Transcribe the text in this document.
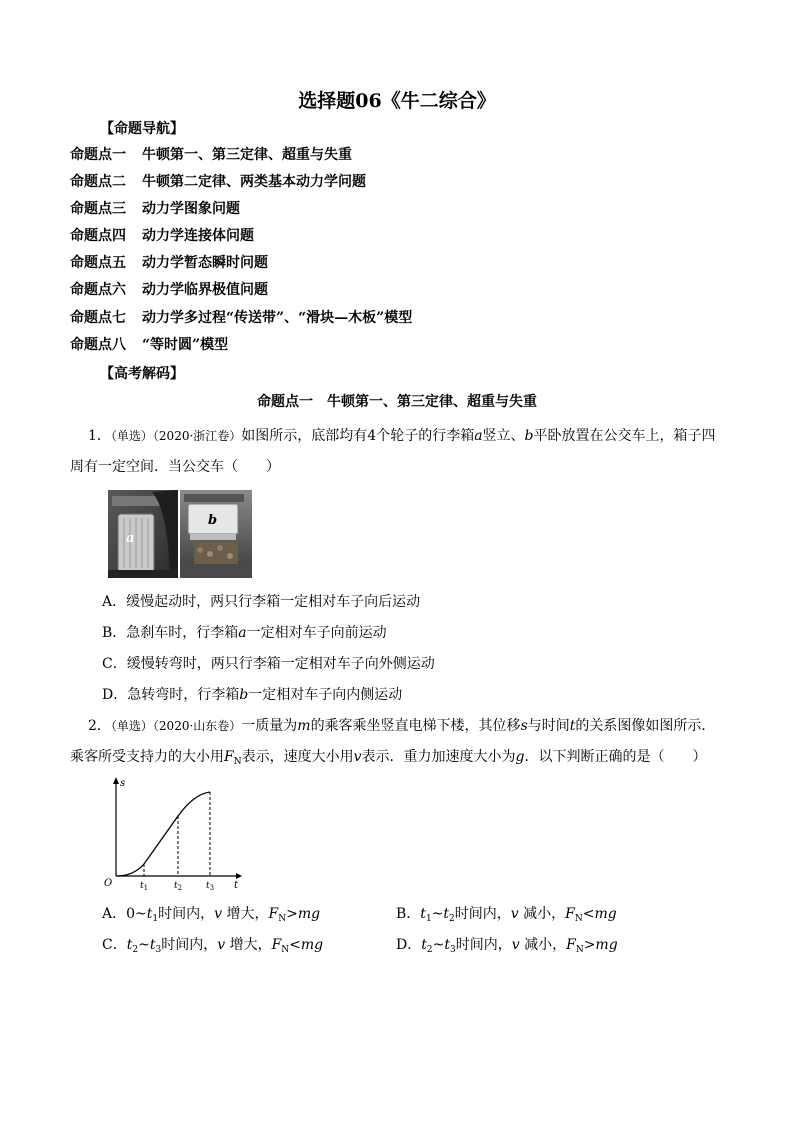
选择题06《牛二综合》
【命题导航】
命题点一 牛顿第一、第三定律、超重与失重
命题点二 牛顿第二定律、两类基本动力学问题
命题点三 动力学图象问题
命题点四 动力学连接体问题
命题点五 动力学暂态瞬时问题
命题点六 动力学临界极值问题
命题点七 动力学多过程“传送带”、“滑块—木板”模型
命题点八 “等时圆”模型
【高考解码】
命题点一　牛顿第一、第三定律、超重与失重
1．（单选）（2020·浙江卷）如图所示，底部均有4个轮子的行李箱a竖立、b平卧放置在公交车上，箱子四周有一定空间．当公交车（　　）
a
b
A．缓慢起动时，两只行李箱一定相对车子向后运动
B．急刹车时，行李箱a一定相对车子向前运动
C．缓慢转弯时，两只行李箱一定相对车子向外侧运动
D．急转弯时，行李箱b一定相对车子向内侧运动
2．（单选）（2020·山东卷）一质量为m的乘客乘坐竖直电梯下楼，其位移s与时间t的关系图像如图所示．乘客所受支持力的大小用$F_N$表示，速度大小用v表示．重力加速度大小为g．以下判断正确的是（　　）
s
t
O	$t_1$	$t_2$	$t_3$
A．$0\sim t_1$时间内，v 增大，$F_N>mg$	B．$t_1\sim t_2$时间内，v 减小，$F_N<mg$
C．$t_2\sim t_3$时间内，v 增大，$F_N<mg$	D．$t_2\sim t_3$时间内，v 减小，$F_N>mg$
